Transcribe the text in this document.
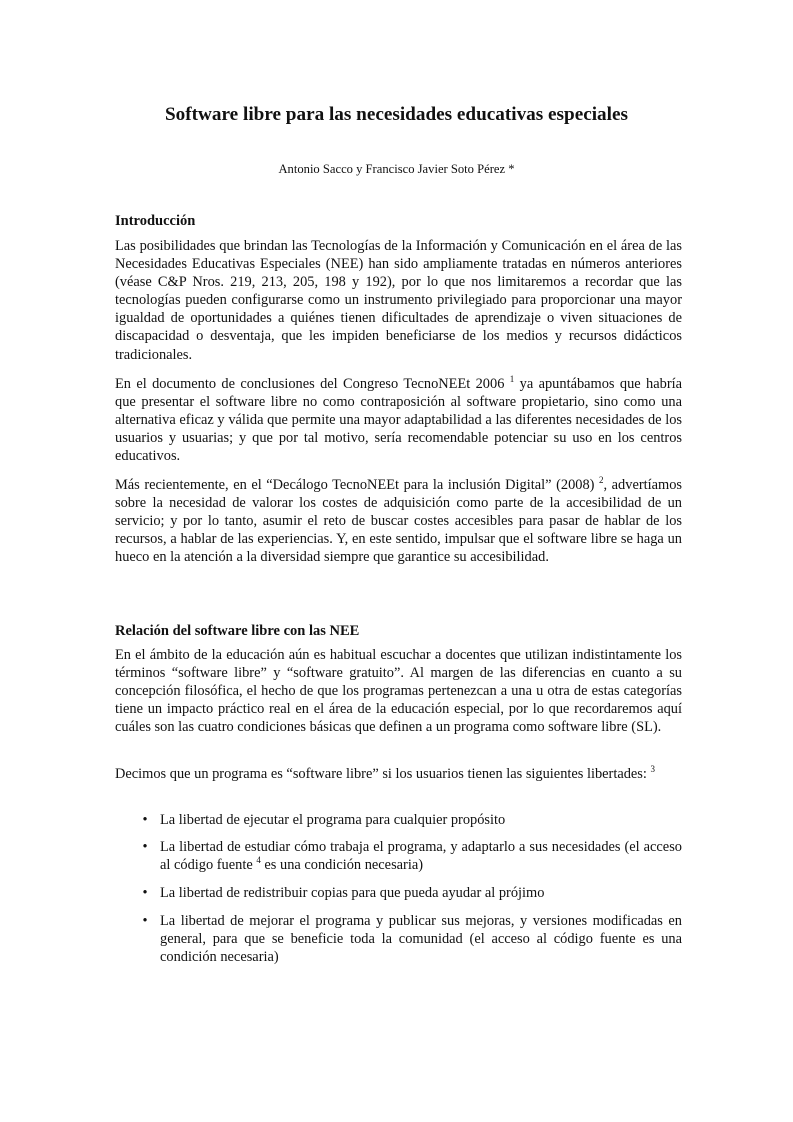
Software libre para las necesidades educativas especiales
Antonio Sacco y Francisco Javier Soto Pérez *
Introducción

Las posibilidades que brindan las Tecnologías de la Información y Comunicación en el área de las Necesidades Educativas Especiales (NEE) han sido ampliamente tratadas en números anteriores (véase C&P Nros. 219, 213, 205, 198 y 192), por lo que nos limitaremos a recordar que las tecnologías pueden configurarse como un instrumento privilegiado para proporcionar una mayor igualdad de oportunidades a quiénes tienen dificultades de aprendizaje o viven situaciones de discapacidad o desventaja, que les impiden beneficiarse de los medios y recursos didácticos tradicionales.

En el documento de conclusiones del Congreso TecnoNEEt 2006 $^1$ ya apuntábamos que habría que presentar el software libre no como contraposición al software propietario, sino como una alternativa eficaz y válida que permite una mayor adaptabilidad a las diferentes necesidades de los usuarios y usuarias; y que por tal motivo, sería recomendable potenciar su uso en los centros educativos.

Más recientemente, en el “Decálogo TecnoNEEt para la inclusión Digital” (2008) $^2$, advertíamos sobre la necesidad de valorar los costes de adquisición como parte de la accesibilidad de un servicio; y por lo tanto, asumir el reto de buscar costes accesibles para pasar de hablar de los recursos, a hablar de las experiencias. Y, en este sentido, impulsar que el software libre se haga un hueco en la atención a la diversidad siempre que garantice su accesibilidad.

Relación del software libre con las NEE

En el ámbito de la educación aún es habitual escuchar a docentes que utilizan indistintamente los términos “software libre” y “software gratuito”. Al margen de las diferencias en cuanto a su concepción filosófica, el hecho de que los programas pertenezcan a una u otra de estas categorías tiene un impacto práctico real en el área de la educación especial, por lo que recordaremos aquí cuáles son las cuatro condiciones básicas que definen a un programa como software libre (SL).

Decimos que un programa es “software libre” si los usuarios tienen las siguientes libertades: $^3$

• La libertad de ejecutar el programa para cualquier propósito
• La libertad de estudiar cómo trabaja el programa, y adaptarlo a sus necesidades (el acceso al código fuente $^4$ es una condición necesaria)
• La libertad de redistribuir copias para que pueda ayudar al prójimo
• La libertad de mejorar el programa y publicar sus mejoras, y versiones modificadas en general, para que se beneficie toda la comunidad (el acceso al código fuente es una condición necesaria)
